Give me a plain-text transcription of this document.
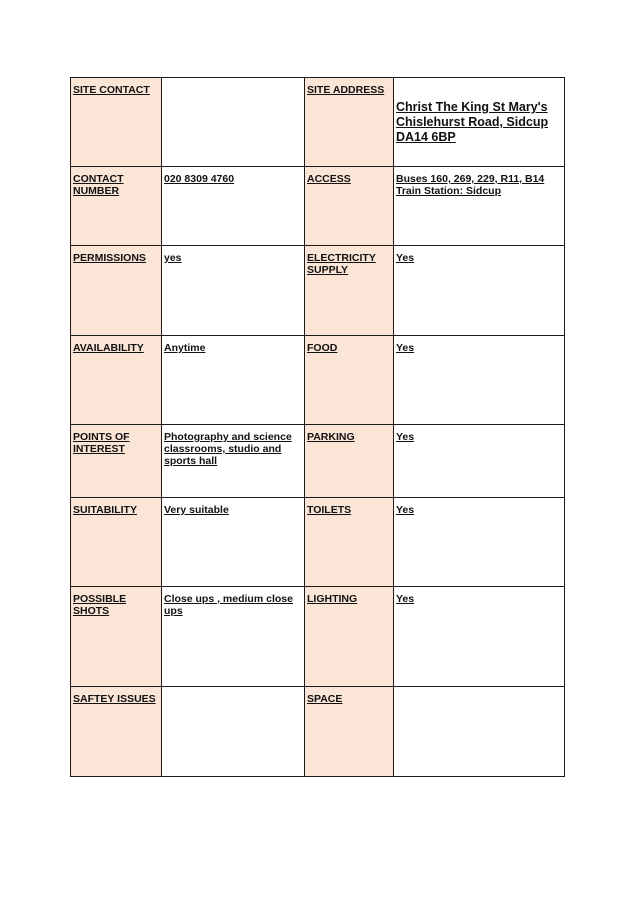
SITE CONTACT		SITE ADDRESS	Christ The King St Mary's Chislehurst Road, Sidcup DA14 6BP
CONTACT NUMBER	020 8309 4760	ACCESS	Buses 160, 269, 229, R11, B14 Train Station: Sidcup
PERMISSIONS	yes	ELECTRICITY SUPPLY	Yes
AVAILABILITY	Anytime	FOOD	Yes
POINTS OF INTEREST	Photography and science classrooms, studio and sports hall	PARKING	Yes
SUITABILITY	Very suitable	TOILETS	Yes
POSSIBLE SHOTS	Close ups , medium close ups	LIGHTING	Yes
SAFTEY ISSUES		SPACE	
